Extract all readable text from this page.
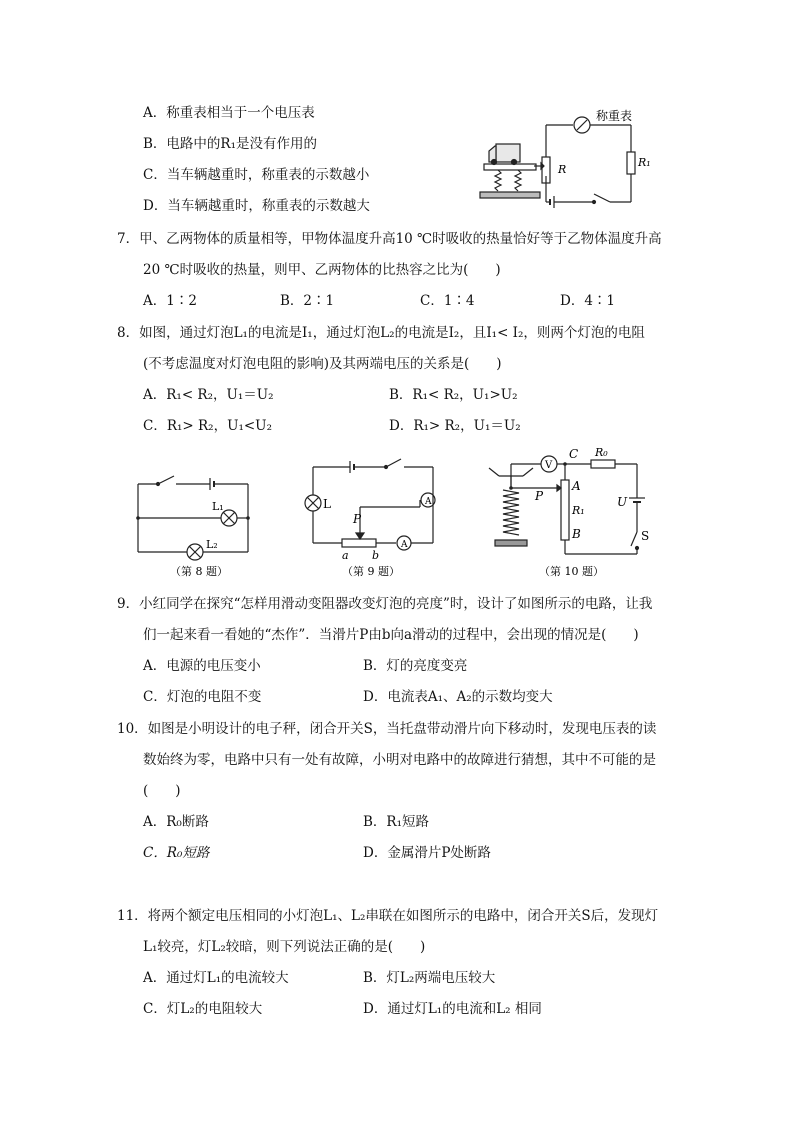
A．称重表相当于一个电压表
B．电路中的R₁是没有作用的
C．当车辆越重时，称重表的示数越小
D．当车辆越重时，称重表的示数越大
称重表
R
R₁
7．甲、乙两物体的质量相等，甲物体温度升高10 ℃时吸收的热量恰好等于乙物体温度升高
20 ℃时吸收的热量，则甲、乙两物体的比热容之比为(　　)
A．1∶2	B．2∶1	C．1∶4	D．4∶1
8．如图，通过灯泡L₁的电流是I₁，通过灯泡L₂的电流是I₂，且I₁< I₂，则两个灯泡的电阻
(不考虑温度对灯泡电阻的影响)及其两端电压的关系是(　　)
A．R₁< R₂，U₁＝U₂	B．R₁< R₂，U₁>U₂
C．R₁> R₂，U₁<U₂	D．R₁> R₂，U₁＝U₂
L₁
L₂
（第 8 题）
A
A
L
P
a b
（第 9 题）
V
C R₀
P
A
R₁
B
U
S
（第 10 题）
9．小红同学在探究“怎样用滑动变阻器改变灯泡的亮度”时，设计了如图所示的电路，让我
们一起来看一看她的“杰作”．当滑片P由b向a滑动的过程中，会出现的情况是(　　)
A．电源的电压变小	B．灯的亮度变亮
C．灯泡的电阻不变	D．电流表A₁、A₂的示数均变大
10．如图是小明设计的电子秤，闭合开关S，当托盘带动滑片向下移动时，发现电压表的读
数始终为零，电路中只有一处有故障，小明对电路中的故障进行猜想，其中不可能的是
(　　)
A．R₀断路	B．R₁短路
C．R₀短路	D．金属滑片P处断路
11．将两个额定电压相同的小灯泡L₁、L₂串联在如图所示的电路中，闭合开关S后，发现灯
L₁较亮，灯L₂较暗，则下列说法正确的是(　　)
A．通过灯L₁的电流较大	B．灯L₂两端电压较大
C．灯L₂的电阻较大	D．通过灯L₁的电流和L₂ 相同
